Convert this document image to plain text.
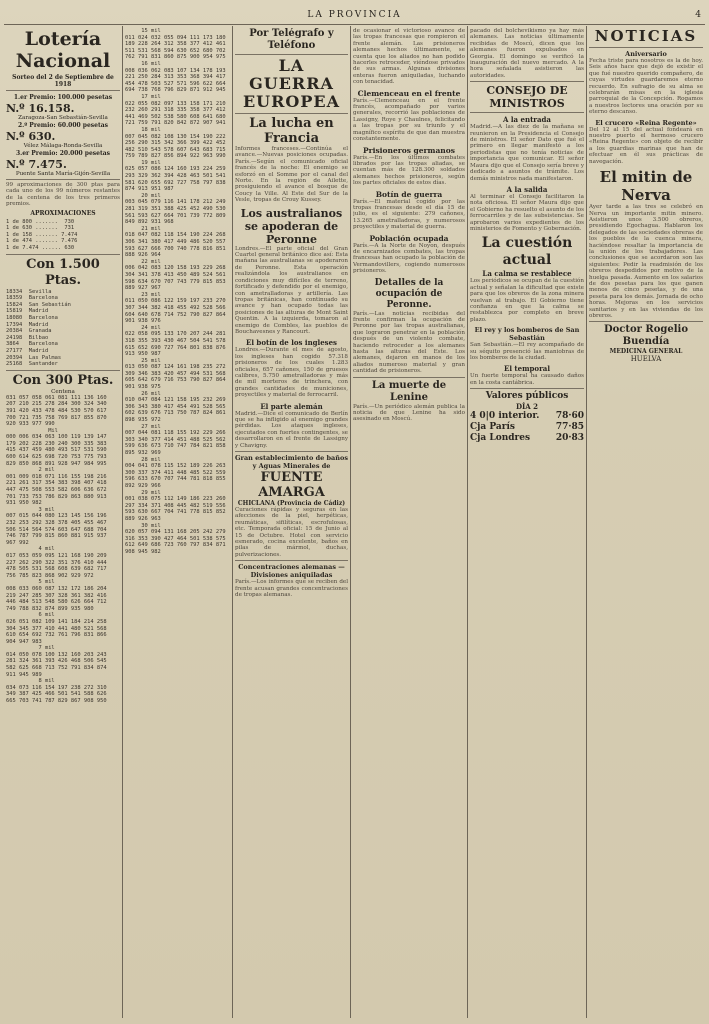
LA PROVINCIA	4
Lotería Nacional
Sorteo del 2 de Septiembre de 1918
1.er Premio: 100.000 pesetas
N.º 16.158.
Zaragoza-San Sebastián-Sevilla
2.º Premio: 60.000 pesetas
N.º 630.
Vélez Málaga-Ronda-Sevilla
3.er Premio: 20.000 pesetas
N.º 7.475.
Puente Santa María-Gijón-Sevilla
99 aproximaciones de 300 ptas para cada uno de los 99 números restantes de la centena de los tres primeros premios.
APROXIMACIONES
1 de 800 .......  730
1 de 630 .......  731
1 de 158 ....... 7.474
1 de 474 ....... 7.476
1 de 7.474 ...... 630
Con 1.500 Ptas.
18334  Sevilla
18359  Barcelona
15824  San Sebastián
15819  Madrid
18080  Barcelona
17394  Madrid
20384  Granada
24198  Bilbao
3864   Barcelona
27177  Madrid
20394  Las Palmas
25168  Santander
Con 300 Ptas.
Centena
031 057 058 061 081 111 136 160
207 210 215 278 284 300 324 340
391 420 433 478 484 530 570 617
700 721 735 758 769 817 855 870
920 933 977 990
Mil
000 006 034 063 100 119 139 147
179 202 228 230 240 300 335 383
415 437 459 480 493 517 531 590
600 614 625 698 720 753 775 793
829 850 868 891 928 947 984 995
2 mil
001 009 018 071 116 155 198 216
221 261 317 354 383 398 407 418
447 475 508 553 582 606 636 672
701 733 753 786 829 863 880 913
931 950 982
3 mil
007 015 044 080 123 145 156 196
232 253 292 328 378 405 455 467
506 514 564 574 603 647 688 704
746 787 799 815 860 881 915 937
967 992
4 mil
017 053 059 095 121 168 190 209
227 262 290 322 351 376 410 444
478 505 531 568 608 639 682 717
756 785 823 868 902 929 972
5 mil
008 033 060 087 132 172 186 204
219 247 285 307 328 361 382 416
446 484 513 548 580 626 664 712
749 788 832 874 899 935 980
6 mil
026 051 082 109 141 184 214 258
304 345 377 410 441 480 521 568
610 654 692 732 761 796 831 866
904 947 983
7 mil
014 050 078 100 132 160 203 243
281 324 361 393 426 468 506 545
582 625 668 713 752 791 834 874
911 945 989
8 mil
034 073 116 154 197 238 272 310
349 387 425 466 501 541 588 626
665 703 741 787 829 867 908 950
15 mil
011 024 032 055 094 111 173 180
189 228 264 312 358 377 412 461
511 531 568 594 630 652 680 702
762 791 831 860 875 900 954 975
16 mil
008 036 062 083 107 134 178 193
221 250 284 313 353 368 394 417
454 478 503 527 571 596 622 664
694 738 768 796 829 871 912 945
17 mil
022 055 082 097 133 158 171 210
232 260 291 318 335 358 377 412
441 469 502 538 580 608 641 680
721 759 791 820 842 872 907 941
18 mil
007 045 082 108 130 154 190 222
256 290 315 342 366 399 422 452
482 510 543 578 607 643 683 715
759 789 827 856 894 922 963 990
19 mil
025 057 086 124 160 193 224 259
293 329 362 394 428 463 501 541
581 620 655 692 727 758 797 838
874 913 951 987
20 mil
003 045 079 116 141 178 212 249
281 319 351 388 425 452 490 530
561 593 627 664 701 739 772 809
849 892 931 968
21 mil
018 047 082 118 154 190 224 268
306 341 380 417 449 486 520 557
593 627 666 700 740 778 816 851
888 926 964
22 mil
006 042 083 120 158 193 229 268
304 341 378 413 450 489 524 561
598 634 670 707 743 779 815 853
889 927 967
23 mil
011 050 086 122 159 197 233 270
307 344 382 418 455 492 528 566
604 640 678 714 752 790 827 864
901 938 976
24 mil
022 058 095 133 170 207 244 281
318 355 393 430 467 504 541 578
615 652 690 727 764 801 838 876
913 950 987
25 mil
013 050 087 124 161 198 235 272
309 346 383 420 457 494 531 568
605 642 679 716 753 790 827 864
901 938 975
26 mil
010 047 084 121 158 195 232 269
306 343 380 417 454 491 528 565
602 639 676 713 750 787 824 861
898 935 972
27 mil
007 044 081 118 155 192 229 266
303 340 377 414 451 488 525 562
599 636 673 710 747 784 821 858
895 932 969
28 mil
004 041 078 115 152 189 226 263
300 337 374 411 448 485 522 559
596 633 670 707 744 781 818 855
892 929 966
29 mil
001 038 075 112 149 186 223 260
297 334 371 408 445 482 519 556
593 630 667 704 741 778 815 852
889 926 963
30 mil
020 057 094 131 168 205 242 279
316 353 390 427 464 501 538 575
612 649 686 723 760 797 834 871
908 945 982
Por Telégrafo y Teléfono
LA GUERRA EUROPEA
La lucha en Francia
Informes franceses.—Continúa el avance.—Nuevas posiciones ocupadas. París.—Según el comunicado oficial francés de la noche: El enemigo se esforzó en el Somme por el canal del Norte. En la región de Ailette, prosiguiendo el avance el bosque de Coucy la Ville. Al Este del Sur de la Vesle, tropas de Crouy Kussey.
Los australianos se apoderan de Peronne
Londres.—El parte oficial del Gran Cuartel general británico dice así: Esta mañana las australianas se apoderaron de Peronne. Esta operación realizándola los australianos en condiciones muy difíciles de terreno, fortificado y defendido por el enemigo, con ametralladoras y artillería. Las tropas británicas, han continuado su avance y han ocupado todas las posiciones de las alturas de Mont Saint Quentin. A la izquierda, tomaron al enemigo de Combles, las pueblos de Bouchavesnes y Rancourt.
El botín de los ingleses
Londres.—Durante el mes de agosto, los ingleses han cogido 57.318 prisioneros de los cuales 1.283 oficiales, 657 cañones, 150 de gruesos calibres, 5.750 ametralladoras y más de mil morteros de trinchera, con grandes cantidades de municiones, proyectiles y material de ferrocarril.
El parte alemán
Madrid.—Dice el comunicado de Berlín que se ha infligido al enemigo grandes pérdidas. Los ataques ingleses, ejecutados con fuertes contingentes, se desarrollaron en el frente de Lassigny y Chavigny.
Gran establecimiento de baños y Aguas Minerales de
FUENTE AMARGA
CHICLANA (Provincia de Cádiz)
Curaciones rápidas y seguras en las afecciones de la piel, herpéticas, reumáticas, sifilíticas, escrofulosas, etc. Temporada oficial: 15 de Junio al 15 de Octubre. Hotel con servicio esmerado, cocina excelente, baños en pilas de mármol, duchas, pulverizaciones.
Concentraciones alemanas — Divisiones aniquiladas
París.—Los informes que se reciben del frente acusan grandes concentraciones de tropas alemanas.
de ocasionar el victorioso avance de las tropas francesas que rompieron el frente alemán. Las prisioneros alemanes hechos últimamente, se cuenta que los aliados no han podido hacerles retroceder, viéndose privados de sus armas. Algunas divisiones enteras fueron aniquiladas, luchando con tenacidad.
Clemenceau en el frente
París.—Clemenceau en el frente francés, acompañado por varios generales, recorrió las poblaciones de Lassigny, Roye y Chaulnes, felicitando a las tropas por su triunfo y el magnífico espíritu de que dan muestra constantemente.
Prisioneros germanos
París.—En los últimos combates librados por las tropas aliadas, se cuentan más de 128.300 soldados alemanes hechos prisioneros, según los partes oficiales de estos días.
Botín de guerra
París.—El material cogido por las tropas francesas desde el día 15 de julio, es el siguiente: 279 cañones, 13.265 ametralladoras, y numerosos proyectiles y material de guerra.
Población ocupada
París.—A la Norte de Noyon, después de encarnizados combates, las tropas francesas han ocupado la población de Vermandovillers, cogiendo numerosos prisioneros.
Detalles de la ocupación de Peronne.
París.—Las noticias recibidas del frente confirman la ocupación de Peronne por las tropas australianas, que lograron penetrar en la población después de un violento combate, haciendo retroceder a los alemanes hasta las alturas del Este. Los alemanes, dejaron en manos de los aliados numeroso material y gran cantidad de prisioneros.
La muerte de Lenine
París.—Un periódico alemán publica la noticia de que Lenine ha sido asesinado en Moscú.
pacado del bolchevikismo ya hay más alemanes. Las noticias últimamente recibidas de Moscú, dicen que los alemanes fueron expulsados en Georgia. El domingo se verificó la inauguración del nuevo mercado. A la hora señalada asistieron las autoridades.
CONSEJO DE MINISTROS
A la entrada
Madrid.—A las diez de la mañana se reunieron en la Presidencia el Consejo de ministros. El señor Dato que fué el primero en llegar manifestó a los periodistas que no tenía noticias de importancia que comunicar. El señor Maura dijo que el Consejo sería breve y dedicado a asuntos de trámite. Los demás ministros nada manifestaron.
A la salida
Al terminar el Consejo facilitaron la nota oficiosa. El señor Maura dijo que el Gobierno ha resuelto el asunto de los ferrocarriles y de las subsistencias. Se aprobaron varios expedientes de los ministerios de Fomento y Gobernación.
La cuestión actual
La calma se restablece
Los periódicos se ocupan de la cuestión actual y señalan la dificultad que existe para que los obreros de la zona minera vuelvan al trabajo. El Gobierno tiene confianza en que la calma se restablezca por completo en breve plazo.
El rey y los bomberos de San Sebastián
San Sebastián.—El rey acompañado de su séquito presenció las maniobras de los bomberos de la ciudad.
El temporal
Un fuerte temporal ha causado daños en la costa cantábrica.
Valores públicos
DÍA 2
4 0|0 interior. 78·60
Cja París	77·85
Cja Londres	20·83
NOTICIAS
Aniversario
Fecha triste para nosotros es la de hoy. Seis años hace que dejó de existir el que fué nuestro querido compañero, de cuyas virtudes guardaremos eterno recuerdo. En sufragio de su alma se celebrarán misas en la iglesia parroquial de la Concepción. Rogamos a nuestros lectores una oración por su eterno descanso.
El crucero «Reina Regente»
Del 12 al 15 del actual fondeará en nuestro puerto el hermoso crucero «Reina Regente» con objeto de recibir a los guardias marinas que han de efectuar en él sus prácticas de navegación.
El mitin de Nerva
Ayer tarde a las tres se celebró en Nerva un importante mitin minero. Asistieron unos 3.500 obreros, presidiendo Egochagua. Hablaron los delegados de las sociedades obreras de los pueblos de la cuenca minera, haciéndose resaltar la importancia de la unión de los trabajadores. Las conclusiones que se acordaron son las siguientes: Pedir la readmisión de los obreros despedidos por motivo de la huelga pasada. Aumento en los salarios de dos pesetas para los que ganen menos de cinco pesetas, y de una peseta para los demás. Jornada de ocho horas. Mejoras en los servicios sanitarios y en las viviendas de los obreros.
Doctor Rogelio Buendía
MEDICINA GENERAL
HUELVA
